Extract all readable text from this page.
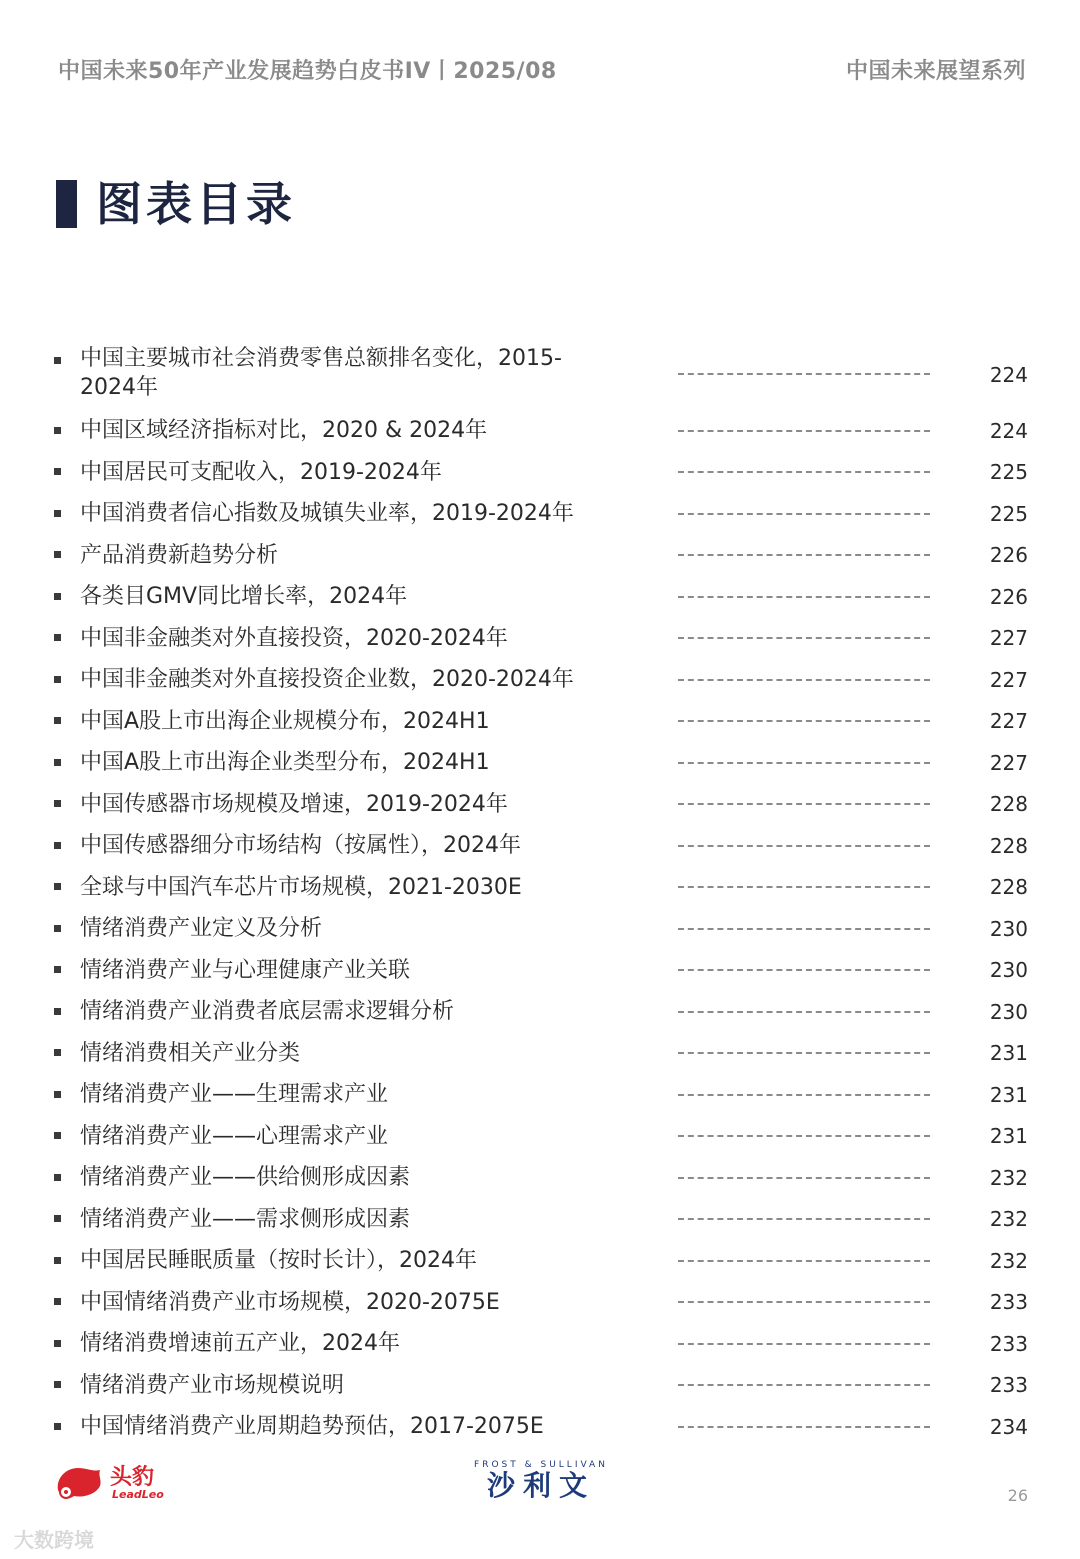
中国未来50年产业发展趋势白皮书IV丨2025/08	中国未来展望系列
图表目录
中国主要城市社会消费零售总额排名变化，2015-2024年	224
中国区域经济指标对比，2020 & 2024年	224
中国居民可支配收入，2019-2024年	225
中国消费者信心指数及城镇失业率，2019-2024年	225
产品消费新趋势分析	226
各类目GMV同比增长率，2024年	226
中国非金融类对外直接投资，2020-2024年	227
中国非金融类对外直接投资企业数，2020-2024年	227
中国A股上市出海企业规模分布，2024H1	227
中国A股上市出海企业类型分布，2024H1	227
中国传感器市场规模及增速，2019-2024年	228
中国传感器细分市场结构（按属性），2024年	228
全球与中国汽车芯片市场规模，2021-2030E	228
情绪消费产业定义及分析	230
情绪消费产业与心理健康产业关联	230
情绪消费产业消费者底层需求逻辑分析	230
情绪消费相关产业分类	231
情绪消费产业——生理需求产业	231
情绪消费产业——心理需求产业	231
情绪消费产业——供给侧形成因素	232
情绪消费产业——需求侧形成因素	232
中国居民睡眠质量（按时长计），2024年	232
中国情绪消费产业市场规模，2020-2075E	233
情绪消费增速前五产业，2024年	233
情绪消费产业市场规模说明	233
中国情绪消费产业周期趋势预估，2017-2075E	234
头豹
LeadLeo
FROST & SULLIVAN
沙利文	26
大数跨境
